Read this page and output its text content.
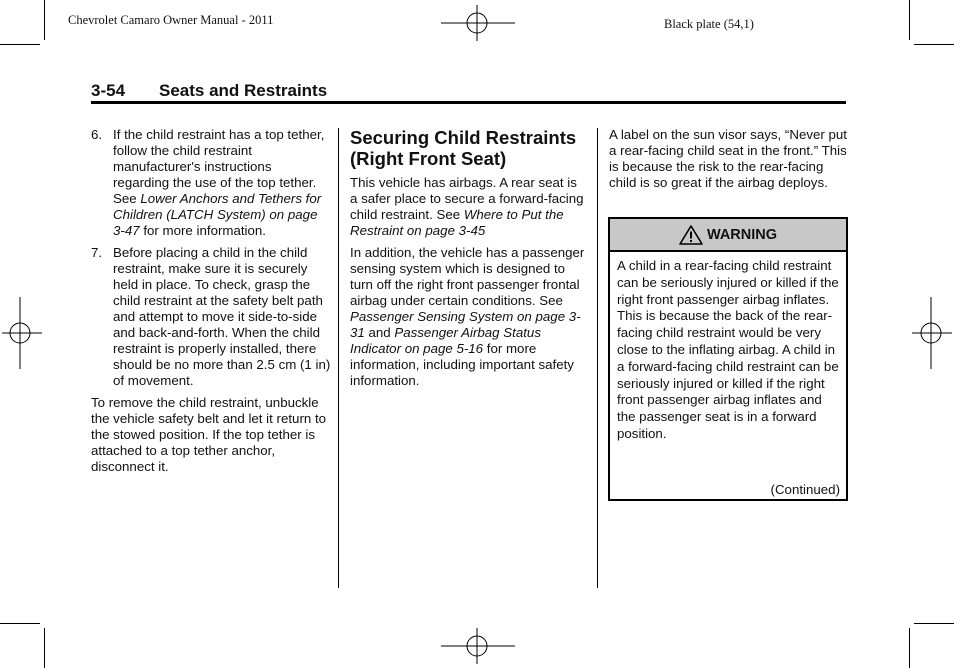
Chevrolet Camaro Owner Manual - 2011	Black plate (54,1)
3-54 Seats and Restraints

6. If the child restraint has a top tether, follow the child restraint manufacturer's instructions regarding the use of the top tether. See Lower Anchors and Tethers for Children (LATCH System) on page 3-47 for more information.

7. Before placing a child in the child restraint, make sure it is securely held in place. To check, grasp the child restraint at the safety belt path and attempt to move it side-to-side and back-and-forth. When the child restraint is properly installed, there should be no more than 2.5 cm (1 in) of movement.

To remove the child restraint, unbuckle the vehicle safety belt and let it return to the stowed position. If the top tether is attached to a top tether anchor, disconnect it.

Securing Child Restraints (Right Front Seat)

This vehicle has airbags. A rear seat is a safer place to secure a forward-facing child restraint. See Where to Put the Restraint on page 3-45

In addition, the vehicle has a passenger sensing system which is designed to turn off the right front passenger frontal airbag under certain conditions. See Passenger Sensing System on page 3-31 and Passenger Airbag Status Indicator on page 5-16 for more information, including important safety information.

A label on the sun visor says, “Never put a rear-facing child seat in the front.” This is because the risk to the rear-facing child is so great if the airbag deploys.

WARNING
A child in a rear-facing child restraint can be seriously injured or killed if the right front passenger airbag inflates. This is because the back of the rear-facing child restraint would be very close to the inflating airbag. A child in a forward-facing child restraint can be seriously injured or killed if the right front passenger airbag inflates and the passenger seat is in a forward position.
(Continued)
